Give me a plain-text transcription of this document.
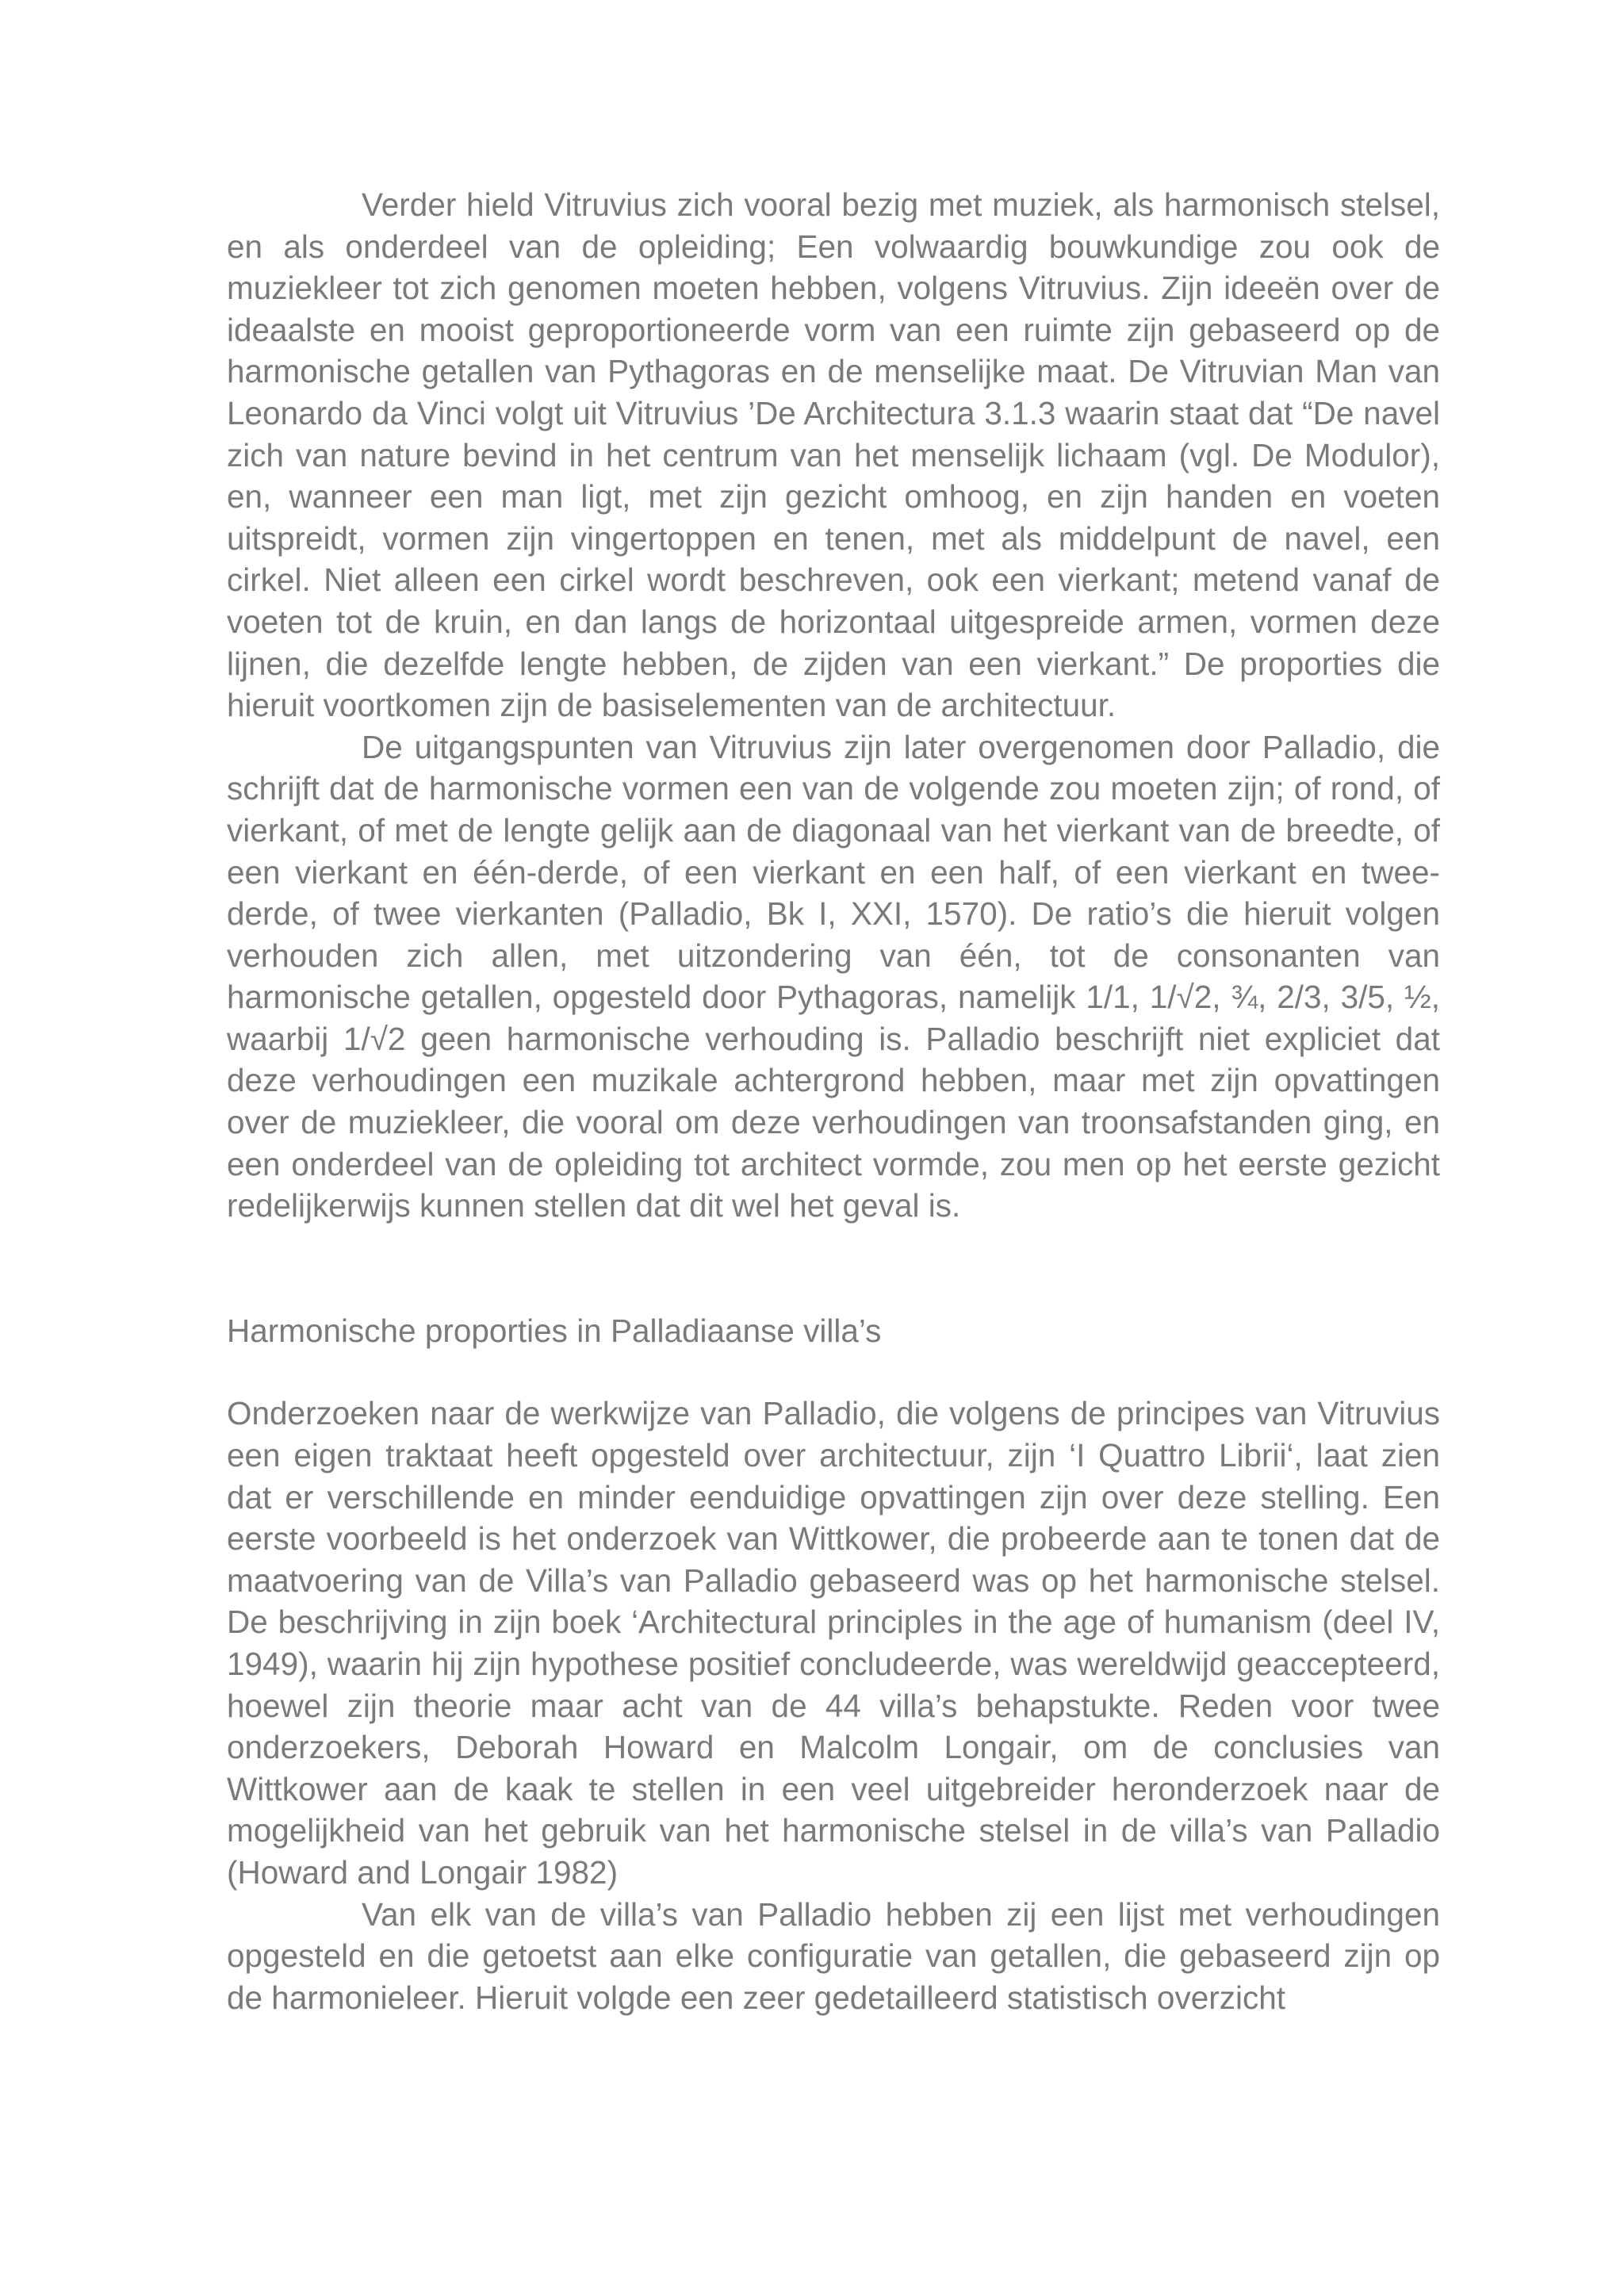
Verder hield Vitruvius zich vooral bezig met muziek, als harmonisch stelsel, en als onderdeel van de opleiding; Een volwaardig bouwkundige zou ook de muziekleer tot zich genomen moeten hebben, volgens Vitruvius. Zijn ideeën over de ideaalste en mooist geproportioneerde vorm van een ruimte zijn gebaseerd op de harmonische getallen van Pythagoras en de menselijke maat. De Vitruvian Man van Leonardo da Vinci volgt uit Vitruvius ’De Architectura 3.1.3 waarin staat dat “De navel zich van nature bevind in het centrum van het menselijk lichaam (vgl. De Modulor), en, wanneer een man ligt, met zijn gezicht omhoog, en zijn handen en voeten uitspreidt, vormen zijn vingertoppen en tenen, met als middelpunt de navel, een cirkel. Niet alleen een cirkel wordt beschreven, ook een vierkant; metend vanaf de voeten tot de kruin, en dan langs de horizontaal uitgespreide armen, vormen deze lijnen, die dezelfde lengte hebben, de zijden van een vierkant.” De proporties die hieruit voortkomen zijn de basiselementen van de architectuur.

De uitgangspunten van Vitruvius zijn later overgenomen door Palladio, die schrijft dat de harmonische vormen een van de volgende zou moeten zijn; of rond, of vierkant, of met de lengte gelijk aan de diagonaal van het vierkant van de breedte, of een vierkant en één-derde, of een vierkant en een half, of een vierkant en twee-derde, of twee vierkanten (Palladio, Bk I, XXI, 1570). De ratio’s die hieruit volgen verhouden zich allen, met uitzondering van één, tot de consonanten van harmonische getallen, opgesteld door Pythagoras, namelijk 1/1, 1/√2, ¾, 2/3, 3/5, ½, waarbij 1/√2 geen harmonische verhouding is. Palladio beschrijft niet expliciet dat deze verhoudingen een muzikale achtergrond hebben, maar met zijn opvattingen over de muziekleer, die vooral om deze verhoudingen van troonsafstanden ging, en een onderdeel van de opleiding tot architect vormde, zou men op het eerste gezicht redelijkerwijs kunnen stellen dat dit wel het geval is.

Harmonische proporties in Palladiaanse villa’s

Onderzoeken naar de werkwijze van Palladio, die volgens de principes van Vitruvius een eigen traktaat heeft opgesteld over architectuur, zijn ‘I Quattro Librii‘, laat zien dat er verschillende en minder eenduidige opvattingen zijn over deze stelling. Een eerste voorbeeld is het onderzoek van Wittkower, die probeerde aan te tonen dat de maatvoering van de Villa’s van Palladio gebaseerd was op het harmonische stelsel. De beschrijving in zijn boek ‘Architectural principles in the age of humanism (deel IV, 1949), waarin hij zijn hypothese positief concludeerde, was wereldwijd geaccepteerd, hoewel zijn theorie maar acht van de 44 villa’s behapstukte. Reden voor twee onderzoekers, Deborah Howard en Malcolm Longair, om de conclusies van Wittkower aan de kaak te stellen in een veel uitgebreider heronderzoek naar de mogelijkheid van het gebruik van het harmonische stelsel in de villa’s van Palladio (Howard and Longair 1982)

Van elk van de villa’s van Palladio hebben zij een lijst met verhoudingen opgesteld en die getoetst aan elke configuratie van getallen, die gebaseerd zijn op de harmonieleer. Hieruit volgde een zeer gedetailleerd statistisch overzicht
